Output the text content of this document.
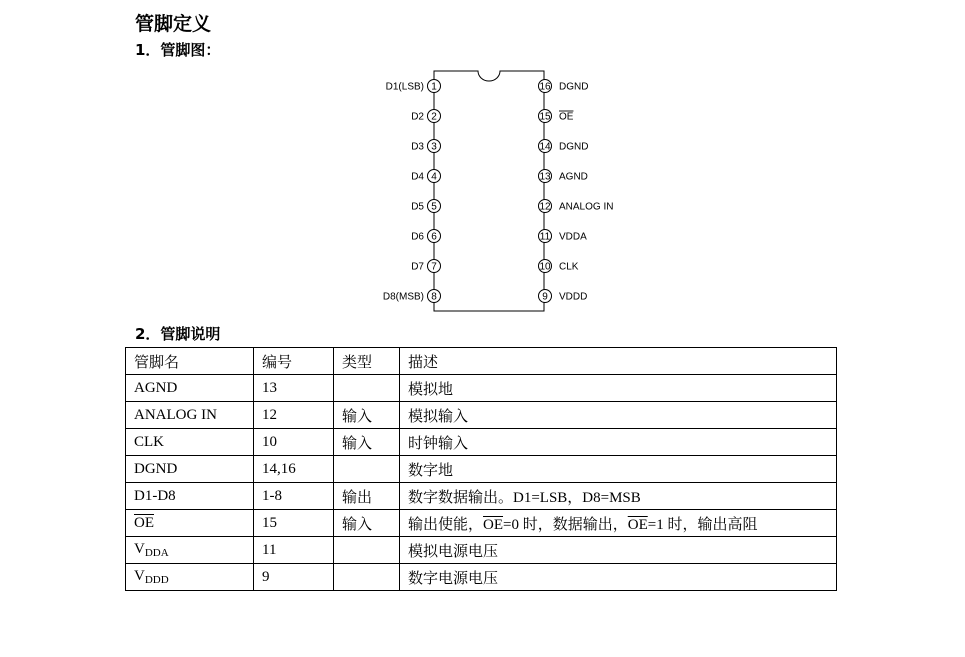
管脚定义
1．管脚图：
1
D1(LSB)
2
D2
3
D3
4
D4
5
D5
6
D6
7
D7
8
D8(MSB)
16 DGND
15 OE
14 DGND
13 AGND
12 ANALOG IN
11 VDDA
10 CLK
9 VDDD
2．管脚说明
管脚名	编号	类型	描述
AGND	13		模拟地
ANALOG IN	12	输入	模拟输入
CLK	10	输入	时钟输入
DGND	14,16		数字地
D1-D8	1-8	输出	数字数据输出。D1=LSB，D8=MSB
$\overline{OE}$	15	输入	输出使能，$\overline{OE}=0$ 时，数据输出，$\overline{OE}=1$ 时，输出高阻
$V_{DDA}$	11		模拟电源电压
$V_{DDD}$	9		数字电源电压
